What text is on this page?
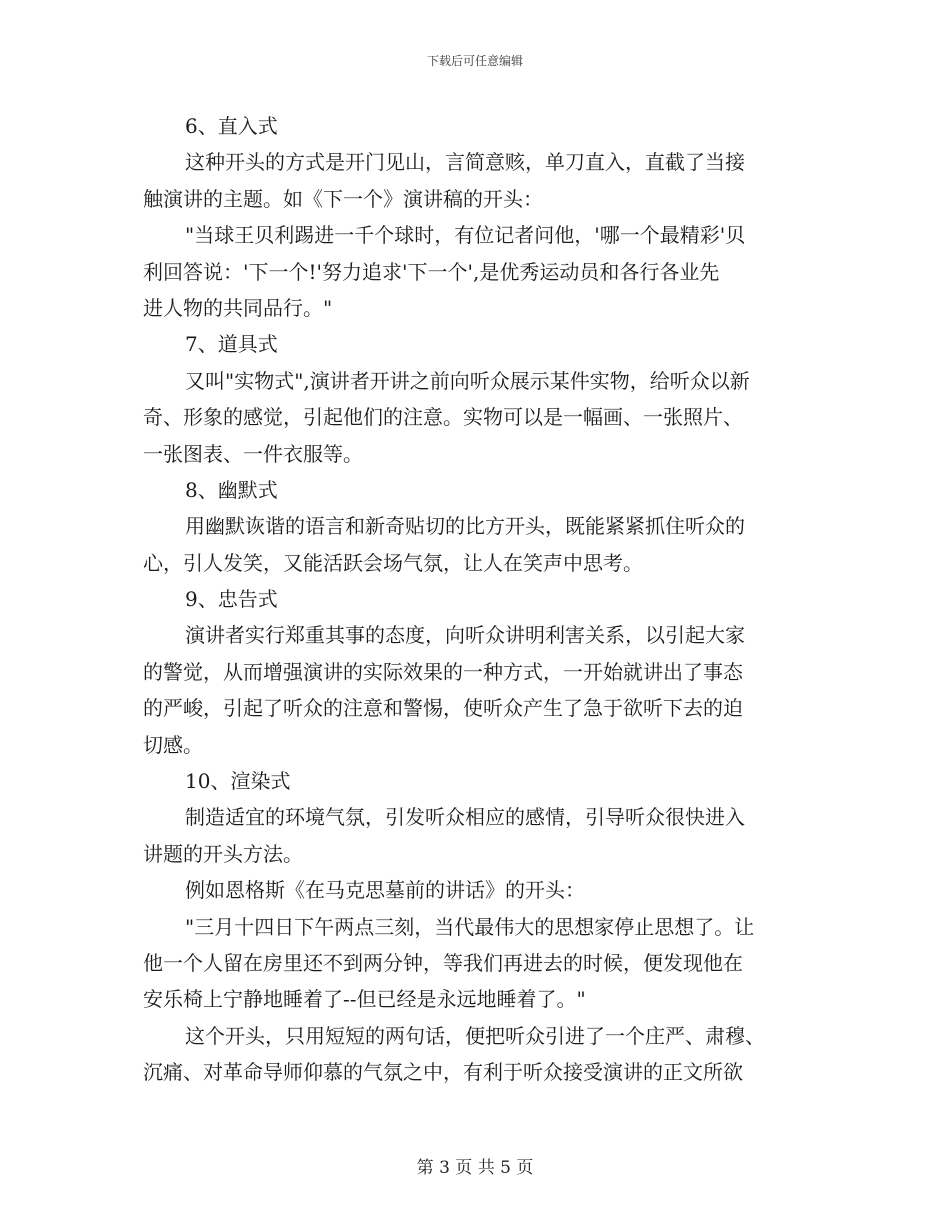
下载后可任意编辑
6、直入式
这种开头的方式是开门见山，言简意赅，单刀直入，直截了当接
触演讲的主题。如《下一个》演讲稿的开头：
"当球王贝利踢进一千个球时，有位记者问他，'哪一个最精彩'贝
利回答说：'下一个!'努力追求'下一个',是优秀运动员和各行各业先
进人物的共同品行。"
7、道具式
又叫"实物式",演讲者开讲之前向听众展示某件实物，给听众以新
奇、形象的感觉，引起他们的注意。实物可以是一幅画、一张照片、
一张图表、一件衣服等。
8、幽默式
用幽默诙谐的语言和新奇贴切的比方开头，既能紧紧抓住听众的
心，引人发笑，又能活跃会场气氛，让人在笑声中思考。
9、忠告式
演讲者实行郑重其事的态度，向听众讲明利害关系，以引起大家
的警觉，从而增强演讲的实际效果的一种方式，一开始就讲出了事态
的严峻，引起了听众的注意和警惕，使听众产生了急于欲听下去的迫
切感。
10、渲染式
制造适宜的环境气氛，引发听众相应的感情，引导听众很快进入
讲题的开头方法。
例如恩格斯《在马克思墓前的讲话》的开头：
"三月十四日下午两点三刻，当代最伟大的思想家停止思想了。让
他一个人留在房里还不到两分钟，等我们再进去的时候，便发现他在
安乐椅上宁静地睡着了--但已经是永远地睡着了。"
这个开头，只用短短的两句话，便把听众引进了一个庄严、肃穆、
沉痛、对革命导师仰慕的气氛之中，有利于听众接受演讲的正文所欲
第 3 页 共 5 页
